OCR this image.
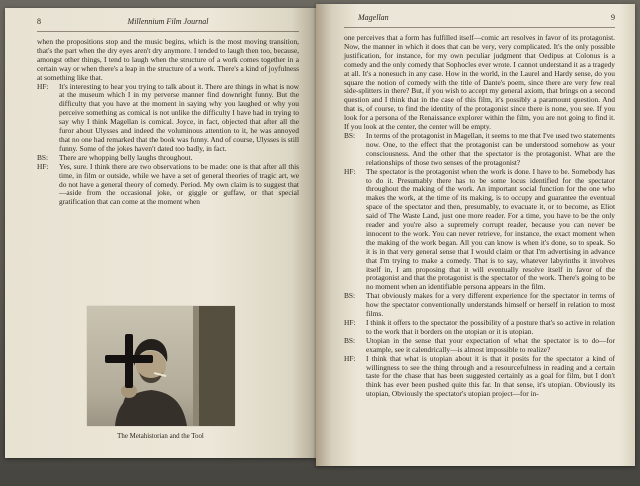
8	Millennium Film Journal
when the propositions stop and the music begins, which is the most moving transition, that's the part when the dry eyes aren't dry anymore. I tended to laugh then too, because, amongst other things, I tend to laugh when the structure of a work comes together in a certain way or when there's a leap in the structure of a work. There's a kind of joyfulness at something like that.
HF:	It's interesting to hear you trying to talk about it. There are things in what is now at the museum which I in my perverse manner find downright funny. But the difficulty that you have at the moment in saying why you laughed or why you perceive something as comical is not unlike the difficulty I have had in trying to say why I think Magellan is comical. Joyce, in fact, objected that after all the furor about Ulysses and indeed the voluminous attention to it, he was annoyed that no one had remarked that the book was funny. And of course, Ulysses is still funny. Some of the jokes haven't dated too badly, in fact.
BS:	There are whopping belly laughs throughout.
HF:	Yes, sure. I think there are two observations to be made: one is that after all this time, in film or outside, while we have a set of general theories of tragic art, we do not have a general theory of comedy. Period. My own claim is to suggest that—aside from the occasional joke, or giggle or guffaw, or that special gratification that can come at the moment when
The Metahistorian and the Tool
Magellan	9
one perceives that a form has fulfilled itself—comic art resolves in favor of its protagonist. Now, the manner in which it does that can be very, very complicated. It's the only possible justification, for instance, for my own peculiar judgment that Oedipus at Colonus is a comedy and the only comedy that Sophocles ever wrote. I cannot understand it as a tragedy at all. It's a nonesuch in any case. How in the world, in the Laurel and Hardy sense, do you square the notion of comedy with the title of Dante's poem, since there are very few real side-splitters in there? But, if you wish to accept my general axiom, that brings on a second question and I think that in the case of this film, it's possibly a paramount question. And that is, of course, to find the identity of the protagonist since there is none, you see. If you look for a persona of the Renaissance explorer within the film, you are not going to find it. If you look at the center, the center will be empty.
BS:	In terms of the protagonist in Magellan, it seems to me that I've used two statements now. One, to the effect that the protagonist can be understood somehow as your consciousness. And the other that the spectator is the protagonist. What are the relationships of those two senses of the protagonist?
HF:	The spectator is the protagonist when the work is done. I have to be. Somebody has to do it. Presumably there has to be some locus identified for the spectator throughout the making of the work. An important social function for the one who makes the work, at the time of its making, is to occupy and guarantee the eventual space of the spectator and then, presumably, to evacuate it, or to become, as Eliot said of The Waste Land, just one more reader. For a time, you have to be the only reader and you're also a supremely corrupt reader, because you can never be innocent to the work. You can never retrieve, for instance, the exact moment when the making of the work began. All you can know is when it's done, so to speak. So it is in that very general sense that I would claim or that I'm advertising in advance that I'm trying to make a comedy. That is to say, whatever labyrinths it involves itself in, I am proposing that it will eventually resolve itself in favor of the protagonist and that the protagonist is the spectator of the work. There's going to be no moment when an identifiable persona appears in the film.
BS:	That obviously makes for a very different experience for the spectator in terms of how the spectator conventionally understands himself or herself in relation to most films.
HF:	I think it offers to the spectator the possibility of a posture that's so active in relation to the work that it borders on the utopian or it is utopian.
BS:	Utopian in the sense that your expectation of what the spectator is to do—for example, see it calendrically—is almost impossible to realize?
HF:	I think that what is utopian about it is that it posits for the spectator a kind of willingness to see the thing through and a resourcefulness in reading and a certain taste for the chase that has been suggested certainly as a goal for film, but I don't think has ever been pushed quite this far. In that sense, it's utopian. Obviously its utopian, Obviously the spectator's utopian project—for in-
